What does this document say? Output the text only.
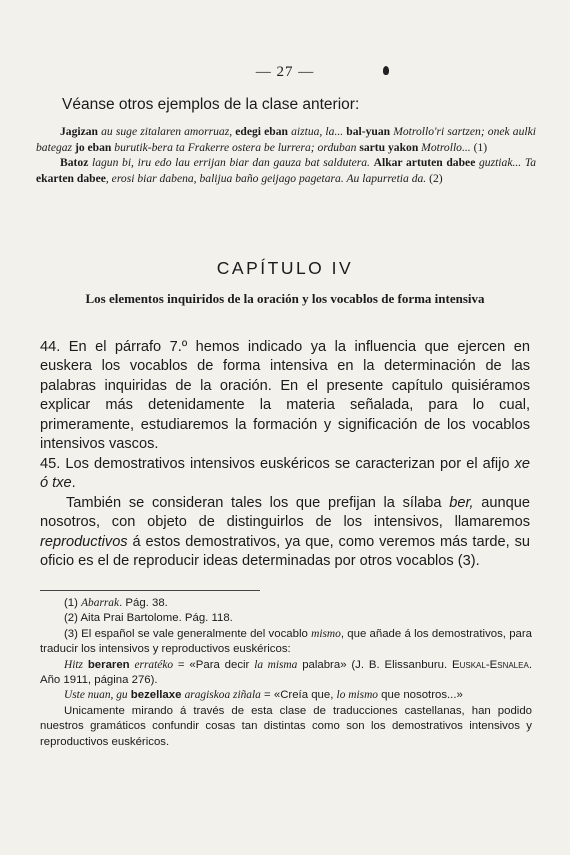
— 27 —
Véanse otros ejemplos de la clase anterior:

Jagizan au suge zitalaren amorruaz, edegi eban aiztua, la... bal-yuan Motrollo'ri sartzen; onek aulki bategaz jo eban burutik-bera ta Frakerre ostera be lurrera; orduban sartu yakon Motrollo... (1)

Batoz lagun bi, iru edo lau errijan biar dan gauza bat saldutera. Alkar artuten dabee guztiak... Ta ekarten dabee, erosi biar dabena, balijua baño geijago pagetara. Au lapurretia da. (2)

CAPÍTULO IV
Los elementos inquiridos de la oración y los vocablos de forma intensiva

44. En el párrafo 7.º hemos indicado ya la influencia que ejercen en euskera los vocablos de forma intensiva en la determinación de las palabras inquiridas de la oración. En el presente capítulo quisiéramos explicar más detenidamente la materia señalada, para lo cual, primeramente, estudiaremos la formación y significación de los vocablos intensivos vascos.

45. Los demostrativos intensivos euskéricos se caracterizan por el afijo xe ó txe.

También se consideran tales los que prefijan la sílaba ber, aunque nosotros, con objeto de distinguirlos de los intensivos, llamaremos reproductivos á estos demostrativos, ya que, como veremos más tarde, su oficio es el de reproducir ideas determinadas por otros vocablos (3).

(1) Abarrak. Pág. 38.

(2) Aita Prai Bartolome. Pág. 118.

(3) El español se vale generalmente del vocablo mismo, que añade á los demostrativos, para traducir los intensivos y reproductivos euskéricos:

Hitz beraren erratéko = «Para decir la misma palabra» (J. B. Elissanburu. Euskal-Esnalea. Año 1911, página 276).

Uste nuan, gu bezellaxe aragiskoa ziñala = «Creía que, lo mismo que nosotros...»

Unicamente mirando á través de esta clase de traducciones castellanas, han podido nuestros gramáticos confundir cosas tan distintas como son los demostrativos intensivos y reproductivos euskéricos.
